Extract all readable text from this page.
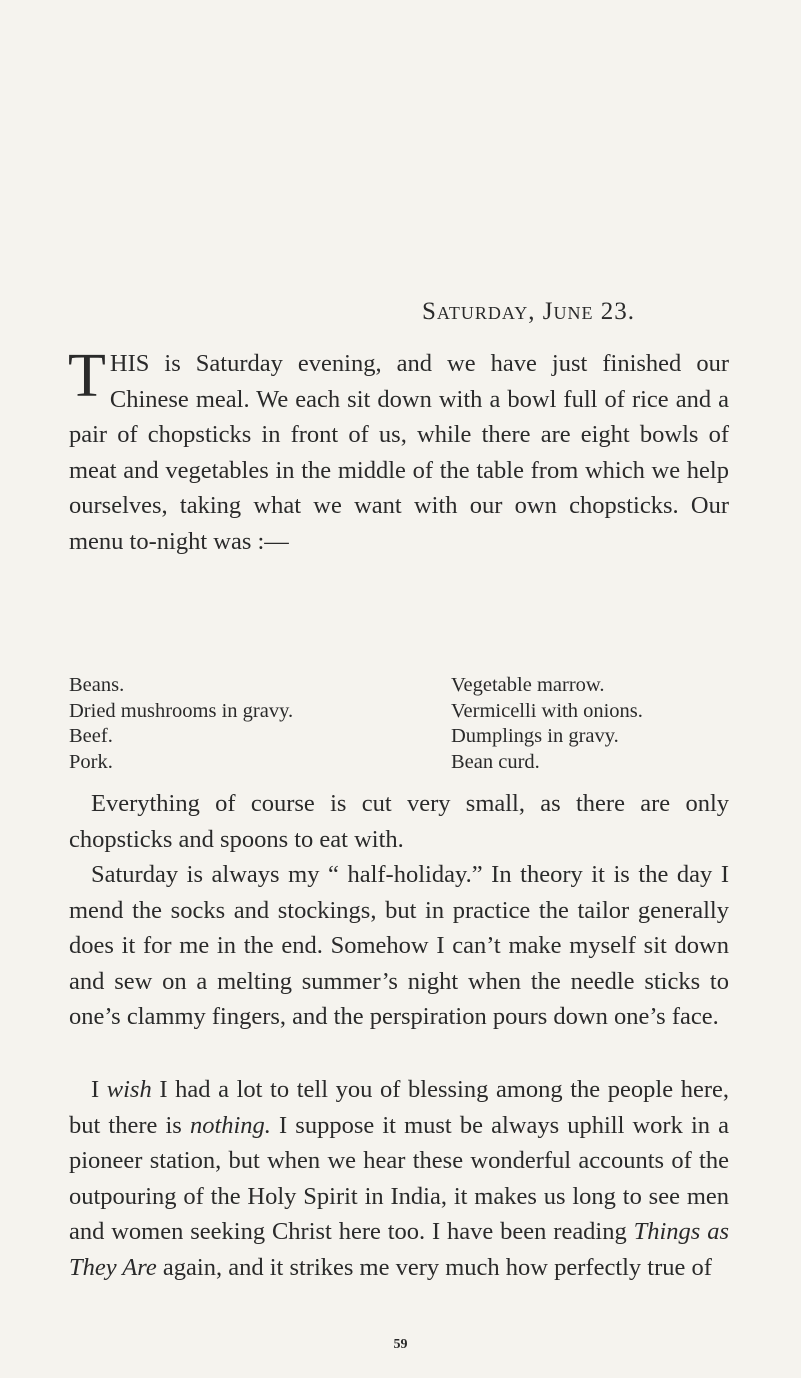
Saturday, June 23.
THIS is Saturday evening, and we have just finished our Chinese meal. We each sit down with a bowl full of rice and a pair of chopsticks in front of us, while there are eight bowls of meat and vegetables in the middle of the table from which we help ourselves, taking what we want with our own chopsticks. Our menu to-night was :—
Beans.
Dried mushrooms in gravy.
Beef.
Pork.
Vegetable marrow.
Vermicelli with onions.
Dumplings in gravy.
Bean curd.
Everything of course is cut very small, as there are only chopsticks and spoons to eat with.
Saturday is always my “ half-holiday.” In theory it is the day I mend the socks and stockings, but in practice the tailor generally does it for me in the end. Somehow I can’t make myself sit down and sew on a melting summer’s night when the needle sticks to one’s clammy fingers, and the perspiration pours down one’s face.
I wish I had a lot to tell you of blessing among the people here, but there is nothing. I suppose it must be always uphill work in a pioneer station, but when we hear these wonderful accounts of the outpouring of the Holy Spirit in India, it makes us long to see men and women seeking Christ here too. I have been reading Things as They Are again, and it strikes me very much how perfectly true of
59
